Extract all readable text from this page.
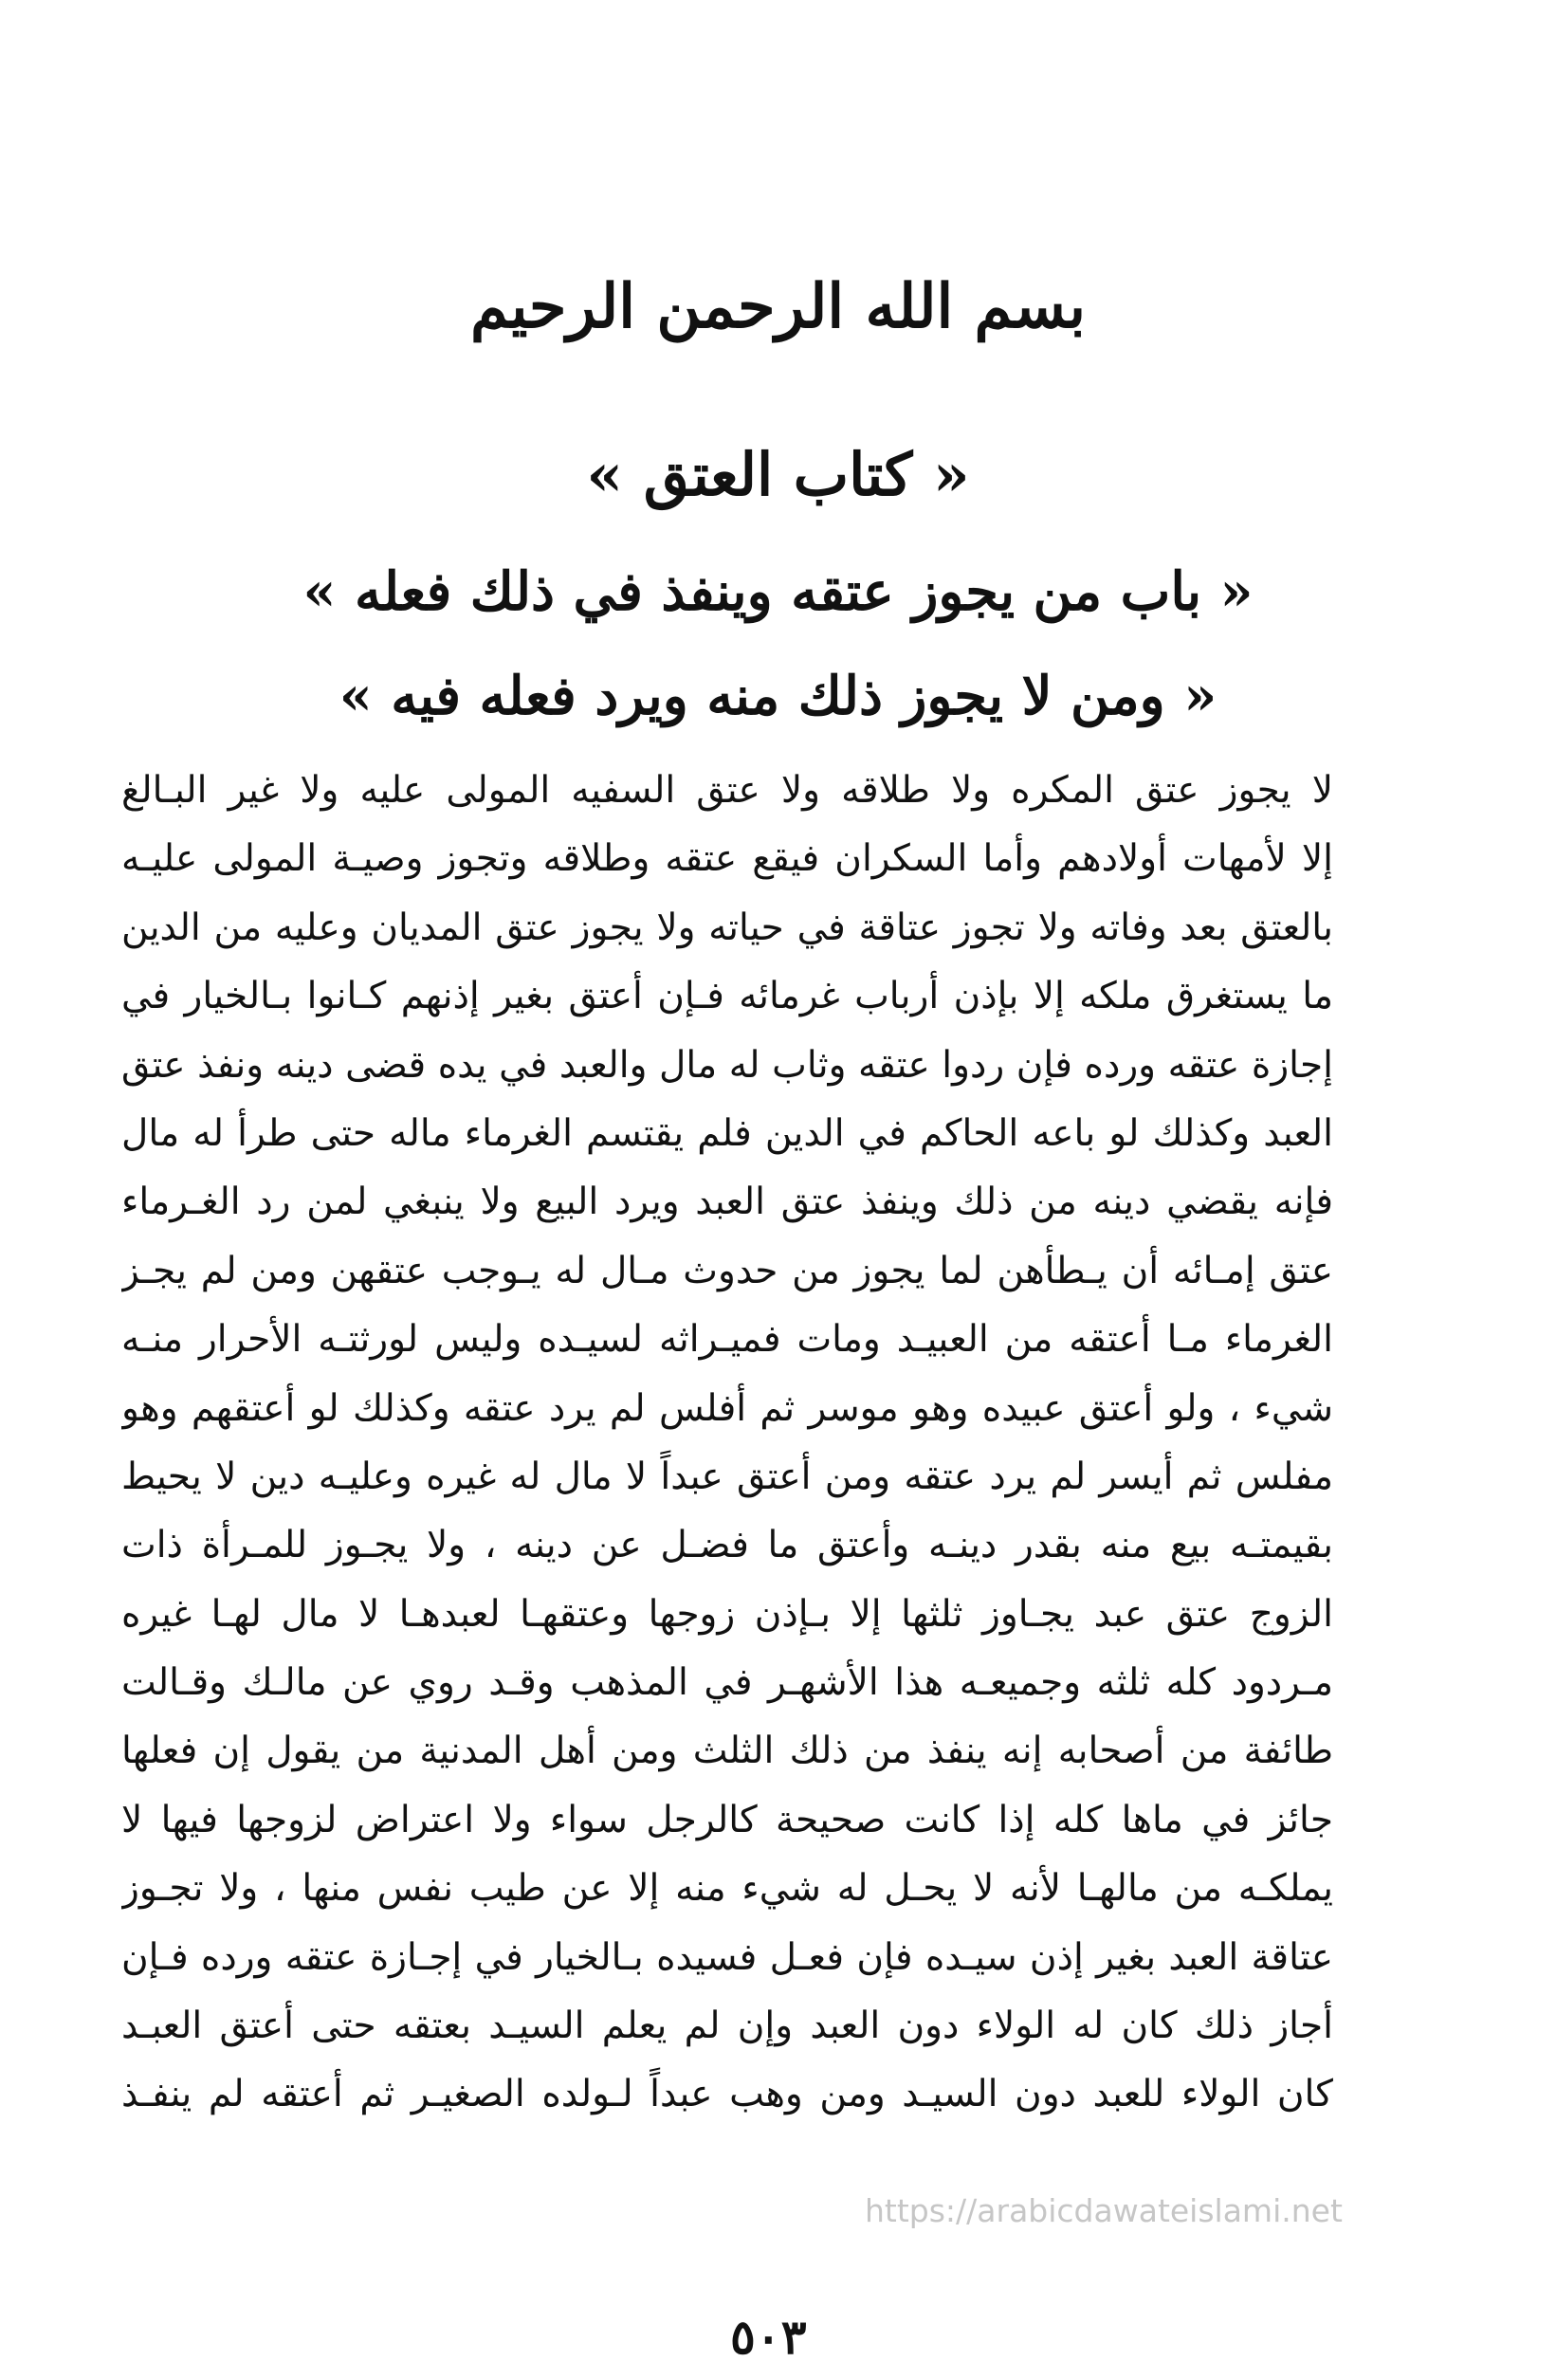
بسم الله الرحمن الرحيم
« كتاب العتق »
« باب من يجوز عتقه وينفذ في ذلك فعله »
« ومن لا يجوز ذلك منه ويرد فعله فيه »
لا يجوز عتق المكره ولا طلاقه ولا عتق السفيه المولى عليه ولا غير البـالغ
إلا لأمهات أولادهم وأما السكران فيقع عتقه وطلاقه وتجوز وصيـة المولى عليـه
بالعتق بعد وفاته ولا تجوز عتاقة في حياته ولا يجوز عتق المديان وعليه من الدين
ما يستغرق ملكه إلا بإذن أرباب غرمائه فـإن أعتق بغير إذنهم كـانوا بـالخيار في
إجازة عتقه ورده فإن ردوا عتقه وثاب له مال والعبد في يده قضى دينه ونفذ عتق
العبد وكذلك لو باعه الحاكم في الدين فلم يقتسم الغرماء ماله حتى طرأ له مال
فإنه يقضي دينه من ذلك وينفذ عتق العبد ويرد البيع ولا ينبغي لمن رد الغـرماء
عتق إمـائه أن يـطأهن لما يجوز من حدوث مـال له يـوجب عتقهن ومن لم يجـز
الغرماء مـا أعتقه من العبيـد ومات فميـراثه لسيـده وليس لورثتـه الأحرار منـه
شيء ، ولو أعتق عبيده وهو موسر ثم أفلس لم يرد عتقه وكذلك لو أعتقهم وهو
مفلس ثم أيسر لم يرد عتقه ومن أعتق عبداً لا مال له غيره وعليـه دين لا يحيط
بقيمتـه بيع منه بقدر دينـه وأعتق ما فضـل عن دينه ، ولا يجـوز للمـرأة ذات
الزوج عتق عبد يجـاوز ثلثها إلا بـإذن زوجها وعتقهـا لعبدهـا لا مال لهـا غيره
مـردود كله ثلثه وجميعـه هذا الأشهـر في المذهب وقـد روي عن مالـك وقـالت
طائفة من أصحابه إنه ينفذ من ذلك الثلث ومن أهل المدنية من يقول إن فعلها
جائز في ماها كله إذا كانت صحيحة كالرجل سواء ولا اعتراض لزوجها فيها لا
يملكـه من مالهـا لأنه لا يحـل له شيء منه إلا عن طيب نفس منها ، ولا تجـوز
عتاقة العبد بغير إذن سيـده فإن فعـل فسيده بـالخيار في إجـازة عتقه ورده فـإن
أجاز ذلك كان له الولاء دون العبد وإن لم يعلم السيـد بعتقه حتى أعتق العبـد
كان الولاء للعبد دون السيـد ومن وهب عبداً لـولده الصغيـر ثم أعتقه لم ينفـذ
https://arabicdawateislami.net
٥٠٣
